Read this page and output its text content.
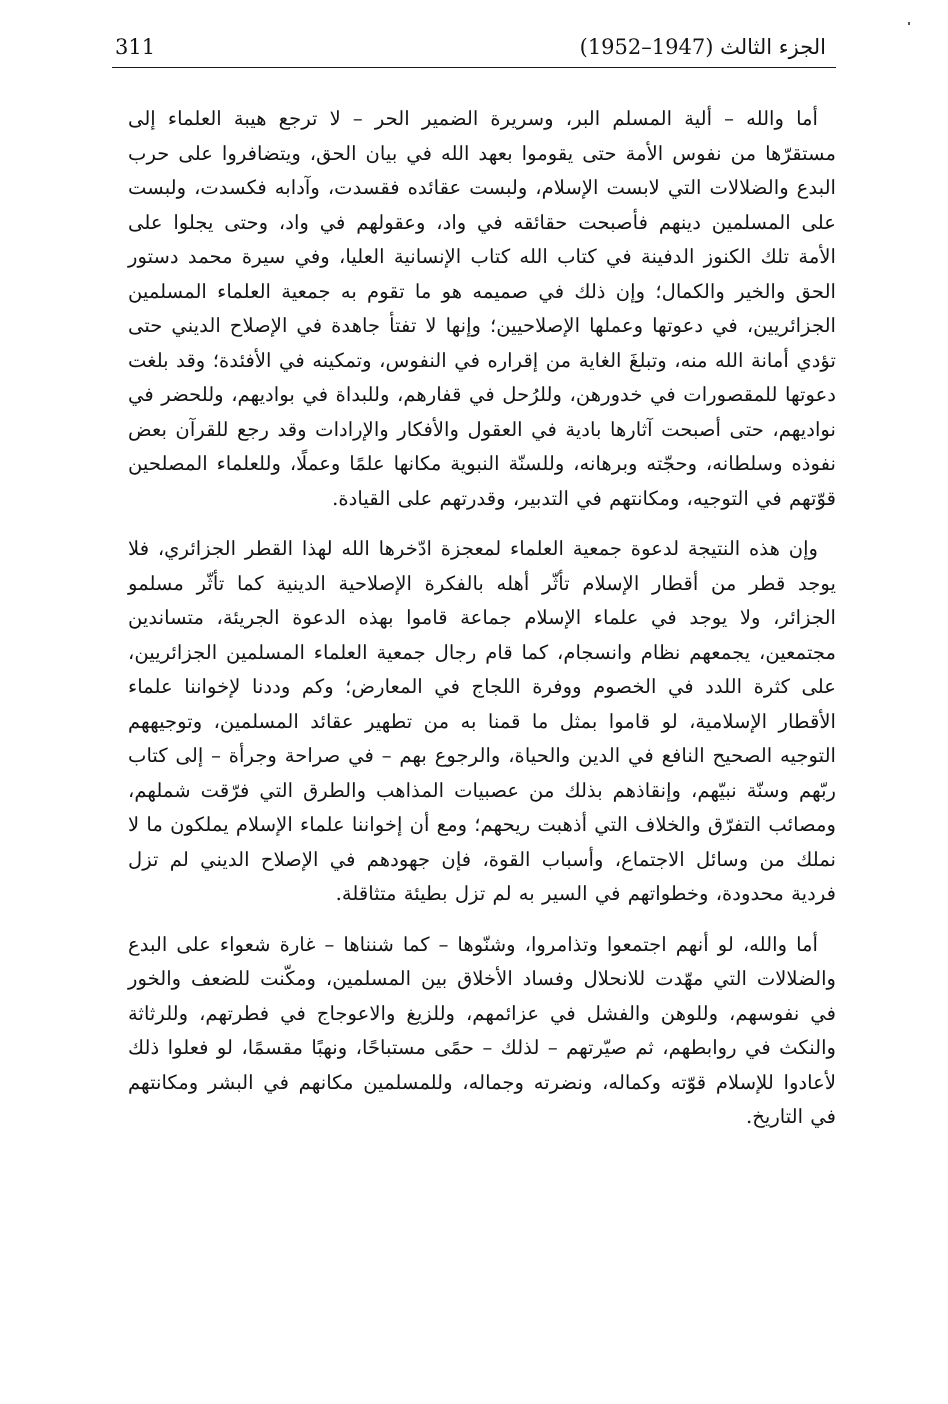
311	الجزء الثالث (1947–1952)

أما والله – ألية المسلم البر، وسريرة الضمير الحر – لا ترجع هيبة العلماء إلى مستقرّها من نفوس الأمة حتى يقوموا بعهد الله في بيان الحق، ويتضافروا على حرب البدع والضلالات التي لابست الإسلام، ولبست عقائده فقسدت، وآدابه فكسدت، ولبست على المسلمين دينهم فأصبحت حقائقه في واد، وعقولهم في واد، وحتى يجلوا على الأمة تلك الكنوز الدفينة في كتاب الله كتاب الإنسانية العليا، وفي سيرة محمد دستور الحق والخير والكمال؛ وإن ذلك في صميمه هو ما تقوم به جمعية العلماء المسلمين الجزائريين، في دعوتها وعملها الإصلاحيين؛ وإنها لا تفتأ جاهدة في الإصلاح الديني حتى تؤدي أمانة الله منه، وتبلغَ الغاية من إقراره في النفوس، وتمكينه في الأفئدة؛ وقد بلغت دعوتها للمقصورات في خدورهن، وللرُحل في قفارهم، وللبداة في بواديهم، وللحضر في نواديهم، حتى أصبحت آثارها بادية في العقول والأفكار والإرادات وقد رجع للقرآن بعض نفوذه وسلطانه، وحجّته وبرهانه، وللسنّة النبوية مكانها علمًا وعملًا، وللعلماء المصلحين قوّتهم في التوجيه، ومكانتهم في التدبير، وقدرتهم على القيادة.

وإن هذه النتيجة لدعوة جمعية العلماء لمعجزة ادّخرها الله لهذا القطر الجزائري، فلا يوجد قطر من أقطار الإسلام تأثّر أهله بالفكرة الإصلاحية الدينية كما تأثّر مسلمو الجزائر، ولا يوجد في علماء الإسلام جماعة قاموا بهذه الدعوة الجريئة، متساندين مجتمعين، يجمعهم نظام وانسجام، كما قام رجال جمعية العلماء المسلمين الجزائريين، على كثرة اللدد في الخصوم ووفرة اللجاج في المعارض؛ وكم وددنا لإخواننا علماء الأقطار الإسلامية، لو قاموا بمثل ما قمنا به من تطهير عقائد المسلمين، وتوجيههم التوجيه الصحيح النافع في الدين والحياة، والرجوع بهم – في صراحة وجرأة – إلى كتاب ربّهم وسنّة نبيّهم، وإنقاذهم بذلك من عصبيات المذاهب والطرق التي فرّقت شملهم، ومصائب التفرّق والخلاف التي أذهبت ريحهم؛ ومع أن إخواننا علماء الإسلام يملكون ما لا نملك من وسائل الاجتماع، وأسباب القوة، فإن جهودهم في الإصلاح الديني لم تزل فردية محدودة، وخطواتهم في السير به لم تزل بطيئة متثاقلة.

أما والله، لو أنهم اجتمعوا وتذامروا، وشنّوها – كما شنناها – غارة شعواء على البدع والضلالات التي مهّدت للانحلال وفساد الأخلاق بين المسلمين، ومكّنت للضعف والخور في نفوسهم، وللوهن والفشل في عزائمهم، وللزيغ والاعوجاج في فطرتهم، وللرثاثة والنكث في روابطهم، ثم صيّرتهم – لذلك – حمًى مستباحًا، ونهبًا مقسمًا، لو فعلوا ذلك لأعادوا للإسلام قوّته وكماله، ونضرته وجماله، وللمسلمين مكانهم في البشر ومكانتهم في التاريخ.
